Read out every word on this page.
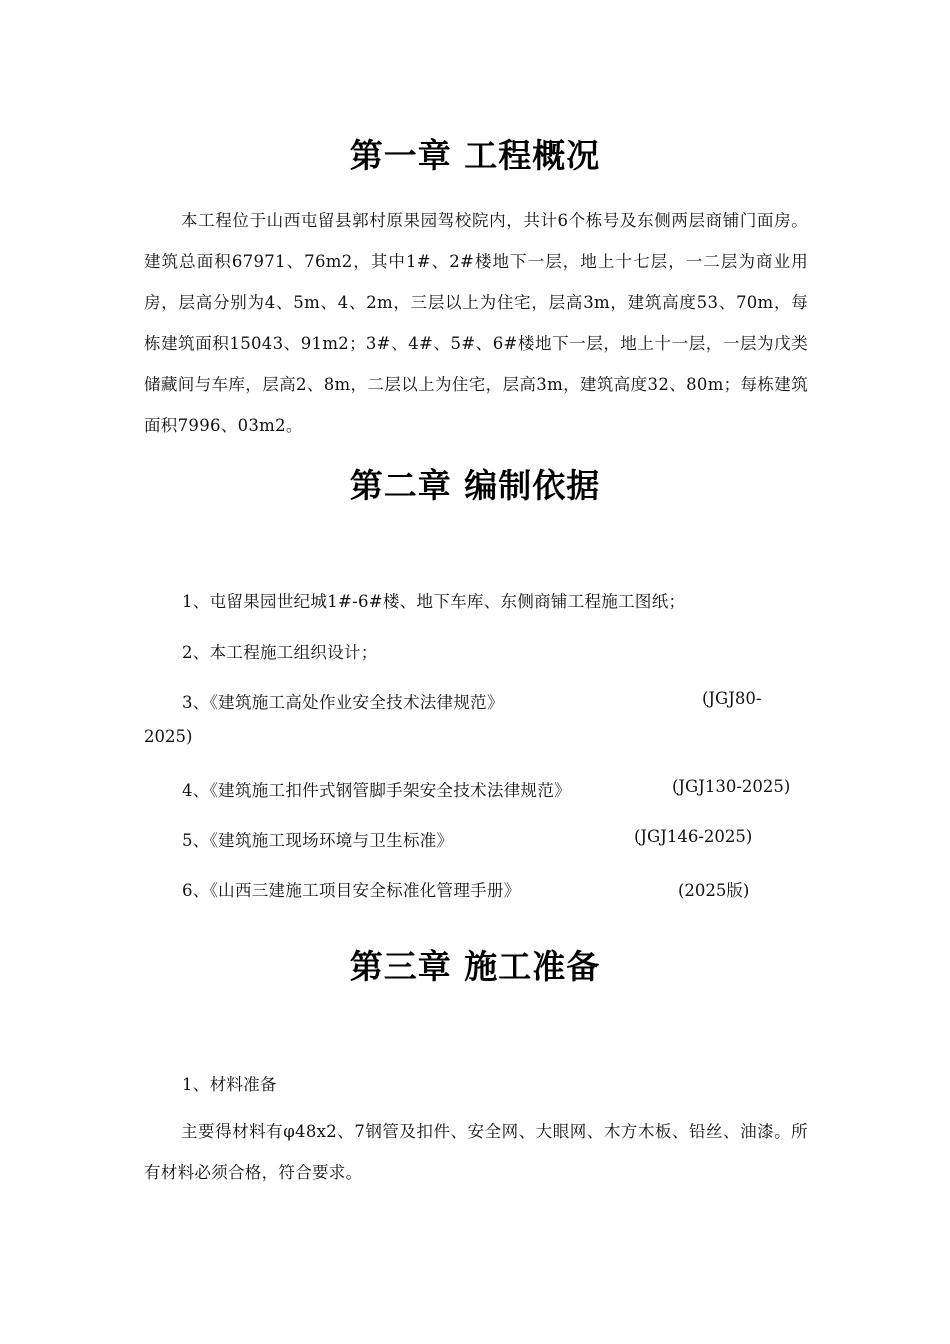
第一章 工程概况

本工程位于山西屯留县郭村原果园驾校院内，共计6个栋号及东侧两层商铺门面房。建筑总面积67971、76m2，其中1#、2#楼地下一层，地上十七层，一二层为商业用房，层高分别为4、5m、4、2m，三层以上为住宅，层高3m，建筑高度53、70m，每栋建筑面积15043、91m2；3#、4#、5#、6#楼地下一层，地上十一层，一层为戊类储藏间与车库，层高2、8m，二层以上为住宅，层高3m，建筑高度32、80m；每栋建筑面积7996、03m2。

第二章 编制依据

1、屯留果园世纪城1#-6#楼、地下车库、东侧商铺工程施工图纸；

2、本工程施工组织设计；

3、《建筑施工高处作业安全技术法律规范》	(JGJ80-

2025)

4、《建筑施工扣件式钢管脚手架安全技术法律规范》	(JGJ130-2025)

5、《建筑施工现场环境与卫生标准》	(JGJ146-2025)

6、《山西三建施工项目安全标准化管理手册》	(2025版)

第三章 施工准备

1、材料准备

主要得材料有φ48x2、7钢管及扣件、安全网、大眼网、木方木板、铅丝、油漆。所有材料必须合格，符合要求。
